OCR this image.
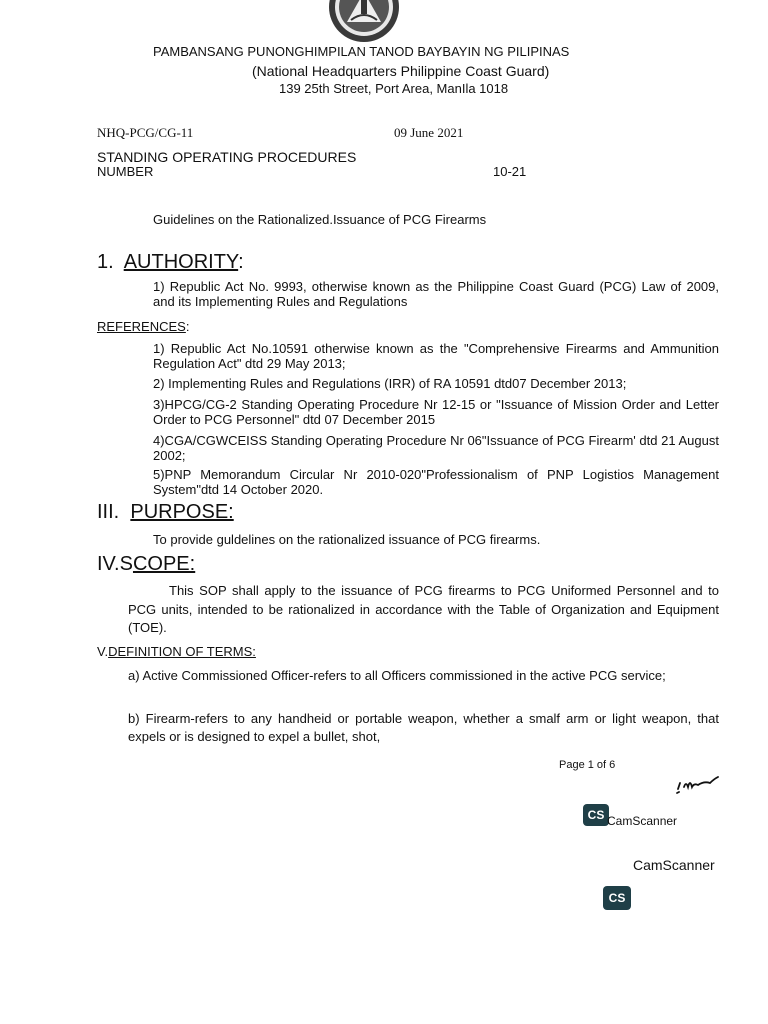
PAMBANSANG PUNONGHIMPILAN TANOD BAYBAYIN NG PILIPINAS
(National Headquarters Philippine Coast Guard)
139 25th Street, Port Area, ManIla 1018
NHQ-PCG/CG-11	09 June 2021
STANDING OPERATING PROCEDURES
NUMBER	10-21
Guidelines on the Rationalized.Issuance of PCG Firearms
1. AUTHORITY:
1) Republic Act No. 9993, otherwise known as the Philippine Coast Guard (PCG) Law of 2009, and its Implementing Rules and Regulations
REFERENCES:
1) Republic Act No.10591 otherwise known as the "Comprehensive Firearms and Ammunition Regulation Act" dtd 29 May 2013;
2) Implementing Rules and Regulations (IRR) of RA 10591 dtd07 December 2013;
3)HPCG/CG-2 Standing Operating Procedure Nr 12-15 or "Issuance of Mission Order and Letter Order to PCG Personnel" dtd 07 December 2015
4)CGA/CGWCEISS Standing Operating Procedure Nr 06"Issuance of PCG Firearm' dtd 21 August 2002;
5)PNP Memorandum Circular Nr 2010-020"Professionalism of PNP Logistios Management System"dtd 14 October 2020.
III. PURPOSE:
To provide guldelines on the rationalized issuance of PCG firearms.
IV.SCOPE:
This SOP shall apply to the issuance of PCG firearms to PCG Uniformed Personnel and to PCG units, intended to be rationalized in accordance with the Table of Organization and Equipment (TOE).
V.DEFINITION OF TERMS:
a) Active Commissioned Officer-refers to all Officers commissioned in the active PCG service;
b) Firearm-refers to any handheid or portable weapon, whether a smalf arm or light weapon, that expels or is designed to expel a bullet, shot,
Page 1 of 6
CS CamScanner
CamScanner
CS
